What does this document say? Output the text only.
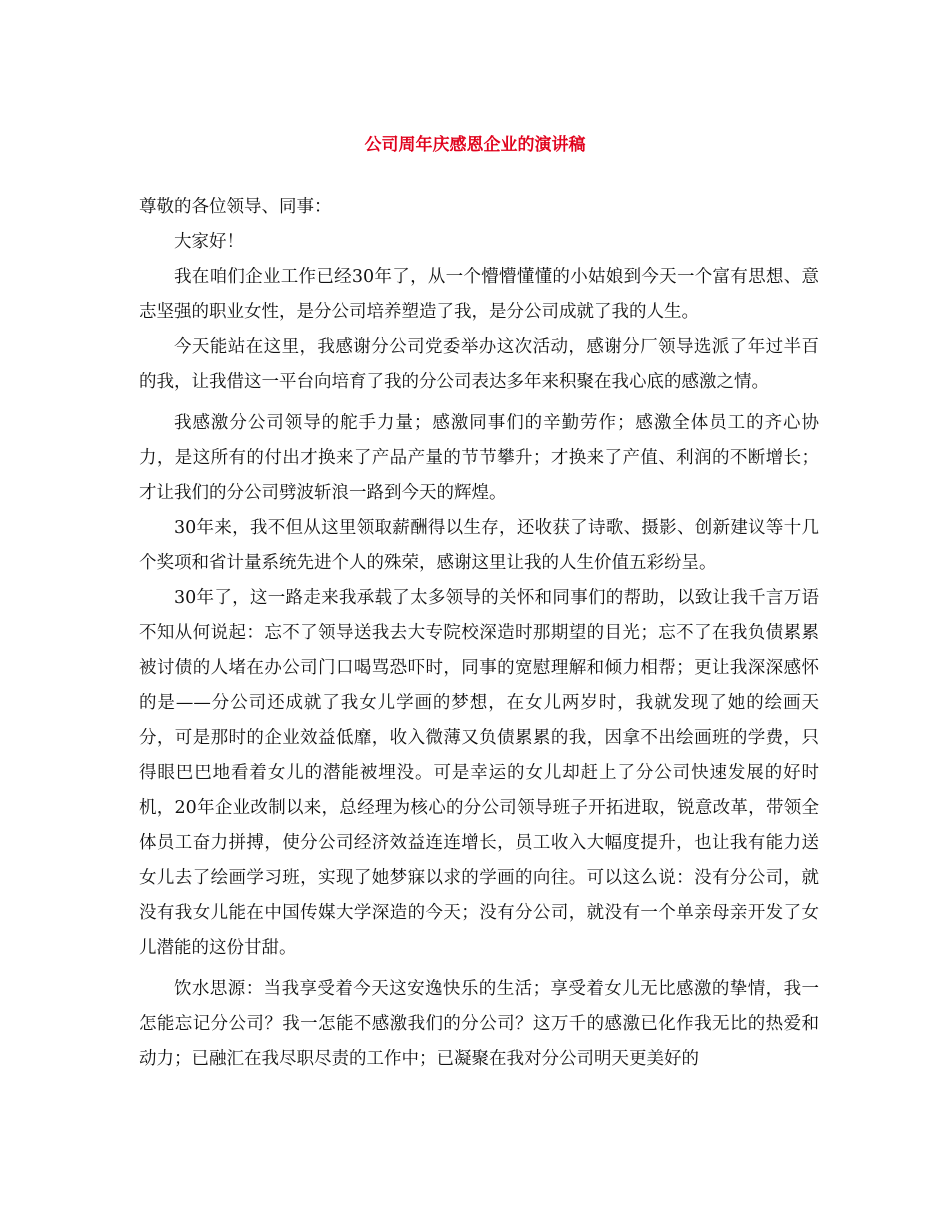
公司周年庆感恩企业的演讲稿

尊敬的各位领导、同事：

大家好！

我在咱们企业工作已经30年了，从一个懵懵懂懂的小姑娘到今天一个富有思想、意志坚强的职业女性，是分公司培养塑造了我，是分公司成就了我的人生。

今天能站在这里，我感谢分公司党委举办这次活动，感谢分厂领导选派了年过半百的我，让我借这一平台向培育了我的分公司表达多年来积聚在我心底的感激之情。

我感激分公司领导的舵手力量；感激同事们的辛勤劳作；感激全体员工的齐心协力，是这所有的付出才换来了产品产量的节节攀升；才换来了产值、利润的不断增长；才让我们的分公司劈波斩浪一路到今天的辉煌。

30年来，我不但从这里领取薪酬得以生存，还收获了诗歌、摄影、创新建议等十几个奖项和省计量系统先进个人的殊荣，感谢这里让我的人生价值五彩纷呈。

30年了，这一路走来我承载了太多领导的关怀和同事们的帮助，以致让我千言万语不知从何说起：忘不了领导送我去大专院校深造时那期望的目光；忘不了在我负债累累被讨债的人堵在办公司门口喝骂恐吓时，同事的宽慰理解和倾力相帮；更让我深深感怀的是——分公司还成就了我女儿学画的梦想，在女儿两岁时，我就发现了她的绘画天分，可是那时的企业效益低靡，收入微薄又负债累累的我，因拿不出绘画班的学费，只得眼巴巴地看着女儿的潜能被埋没。可是幸运的女儿却赶上了分公司快速发展的好时机，20年企业改制以来，总经理为核心的分公司领导班子开拓进取，锐意改革，带领全体员工奋力拼搏，使分公司经济效益连连增长，员工收入大幅度提升，也让我有能力送女儿去了绘画学习班，实现了她梦寐以求的学画的向往。可以这么说：没有分公司，就没有我女儿能在中国传媒大学深造的今天；没有分公司，就没有一个单亲母亲开发了女儿潜能的这份甘甜。

饮水思源：当我享受着今天这安逸快乐的生活；享受着女儿无比感激的挚情，我一怎能忘记分公司？我一怎能不感激我们的分公司？这万千的感激已化作我无比的热爱和动力；已融汇在我尽职尽责的工作中；已凝聚在我对分公司明天更美好的
